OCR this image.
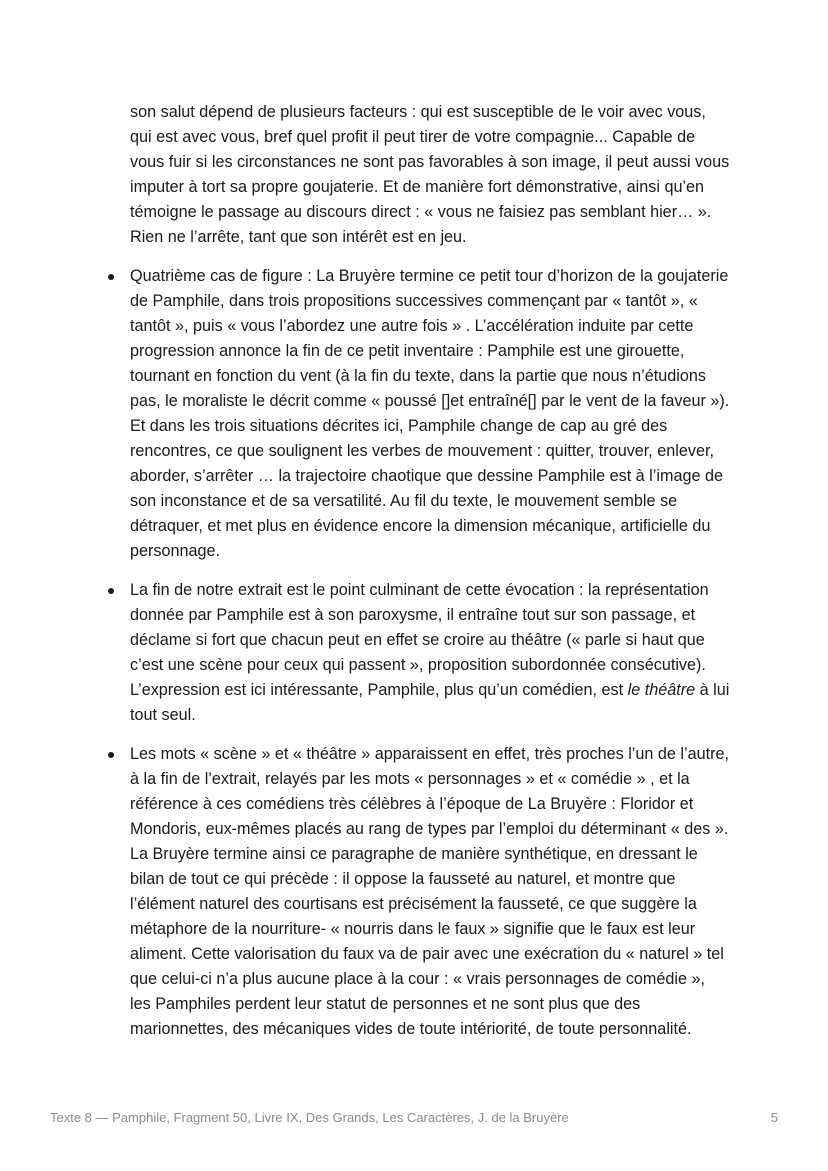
son salut dépend de plusieurs facteurs : qui est susceptible de le voir avec vous, qui est avec vous, bref quel profit il peut tirer de votre compagnie... Capable de vous fuir si les circonstances ne sont pas favorables à son image, il peut aussi vous imputer à tort sa propre goujaterie. Et de manière fort démonstrative, ainsi qu’en témoigne le passage au discours direct : « vous ne faisiez pas semblant hier… ». Rien ne l’arrête, tant que son intérêt est en jeu.

Quatrième cas de figure : La Bruyère termine ce petit tour d’horizon de la goujaterie de Pamphile, dans trois propositions successives commençant par « tantôt », « tantôt », puis « vous l’abordez une autre fois » . L’accélération induite par cette progression annonce la fin de ce petit inventaire : Pamphile est une girouette, tournant en fonction du vent (à la fin du texte, dans la partie que nous n’étudions pas, le moraliste le décrit comme « poussé []et entraîné[] par le vent de la faveur »). Et dans les trois situations décrites ici, Pamphile change de cap au gré des rencontres, ce que soulignent les verbes de mouvement : quitter, trouver, enlever, aborder, s’arrêter … la trajectoire chaotique que dessine Pamphile est à l’image de son inconstance et de sa versatilité. Au fil du texte, le mouvement semble se détraquer, et met plus en évidence encore la dimension mécanique, artificielle du personnage.
La fin de notre extrait est le point culminant de cette évocation : la représentation donnée par Pamphile est à son paroxysme, il entraîne tout sur son passage, et déclame si fort que chacun peut en effet se croire au théâtre (« parle si haut que c’est une scène pour ceux qui passent », proposition subordonnée consécutive). L’expression est ici intéressante, Pamphile, plus qu’un comédien, est le théâtre à lui tout seul.
Les mots « scène » et « théâtre » apparaissent en effet, très proches l’un de l’autre, à la fin de l’extrait, relayés par les mots « personnages » et « comédie » , et la référence à ces comédiens très célèbres à l’époque de La Bruyère : Floridor et Mondoris, eux-mêmes placés au rang de types par l’emploi du déterminant « des ». La Bruyère termine ainsi ce paragraphe de manière synthétique, en dressant le bilan de tout ce qui précède : il oppose la fausseté au naturel, et montre que l’élément naturel des courtisans est précisément la fausseté, ce que suggère la métaphore de la nourriture- « nourris dans le faux » signifie que le faux est leur aliment. Cette valorisation du faux va de pair avec une exécration du « naturel » tel que celui-ci n’a plus aucune place à la cour : « vrais personnages de comédie », les Pamphiles perdent leur statut de personnes et ne sont plus que des marionnettes, des mécaniques vides de toute intériorité, de toute personnalité.
Texte 8 — Pamphile, Fragment 50, Livre IX, Des Grands, Les Caractères, J. de la Bruyère	5
